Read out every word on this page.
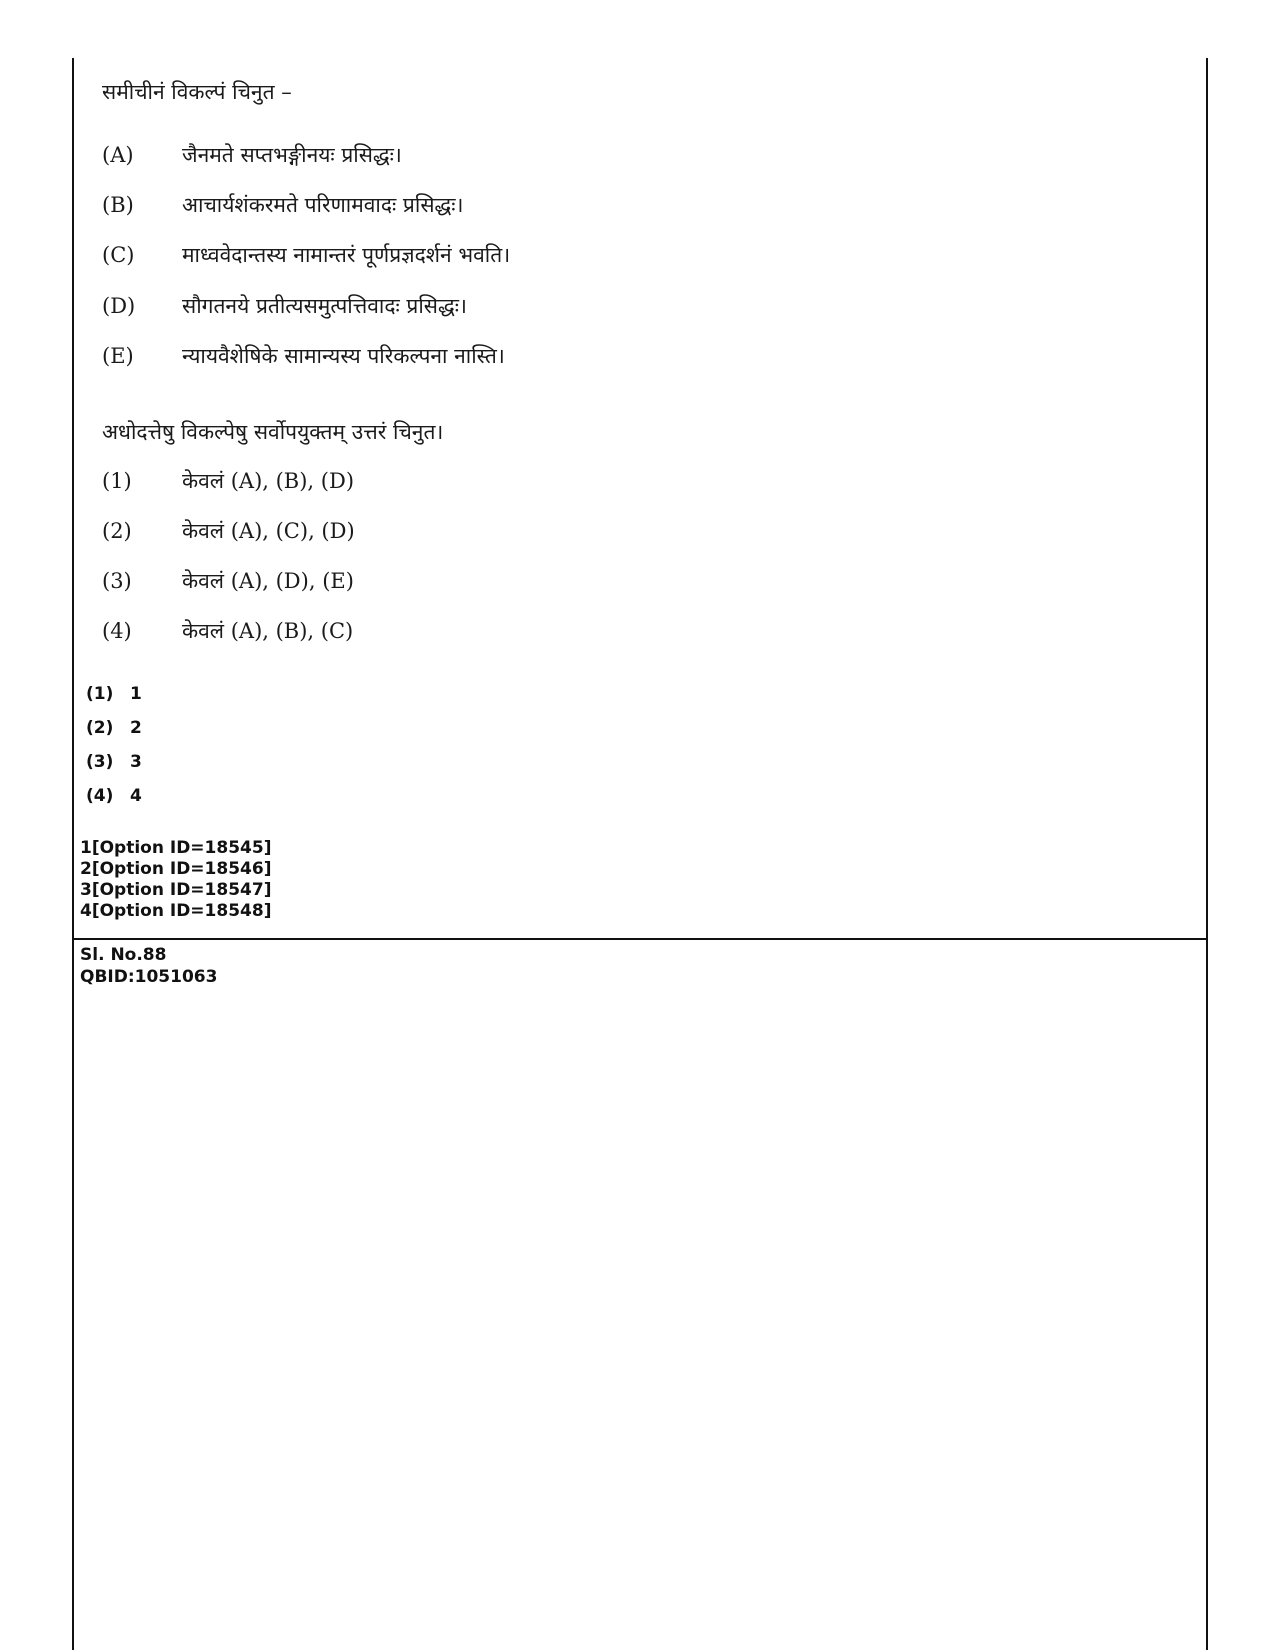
समीचीनं विकल्पं चिनुत –
(A)	जैनमते सप्तभङ्गीनयः प्रसिद्धः।
(B)	आचार्यशंकरमते परिणामवादः प्रसिद्धः।
(C)	माध्ववेदान्तस्य नामान्तरं पूर्णप्रज्ञदर्शनं भवति।
(D)	सौगतनये प्रतीत्यसमुत्पत्तिवादः प्रसिद्धः।
(E)	न्यायवैशेषिके सामान्यस्य परिकल्पना नास्ति।
अधोदत्तेषु विकल्पेषु सर्वोपयुक्तम् उत्तरं चिनुत।
(1)	केवलं (A), (B), (D)
(2)	केवलं (A), (C), (D)
(3)	केवलं (A), (D), (E)
(4)	केवलं (A), (B), (C)
(1) 1
(2) 2
(3) 3
(4) 4
1[Option ID=18545]
2[Option ID=18546]
3[Option ID=18547]
4[Option ID=18548]
Sl. No.88
QBID:1051063
